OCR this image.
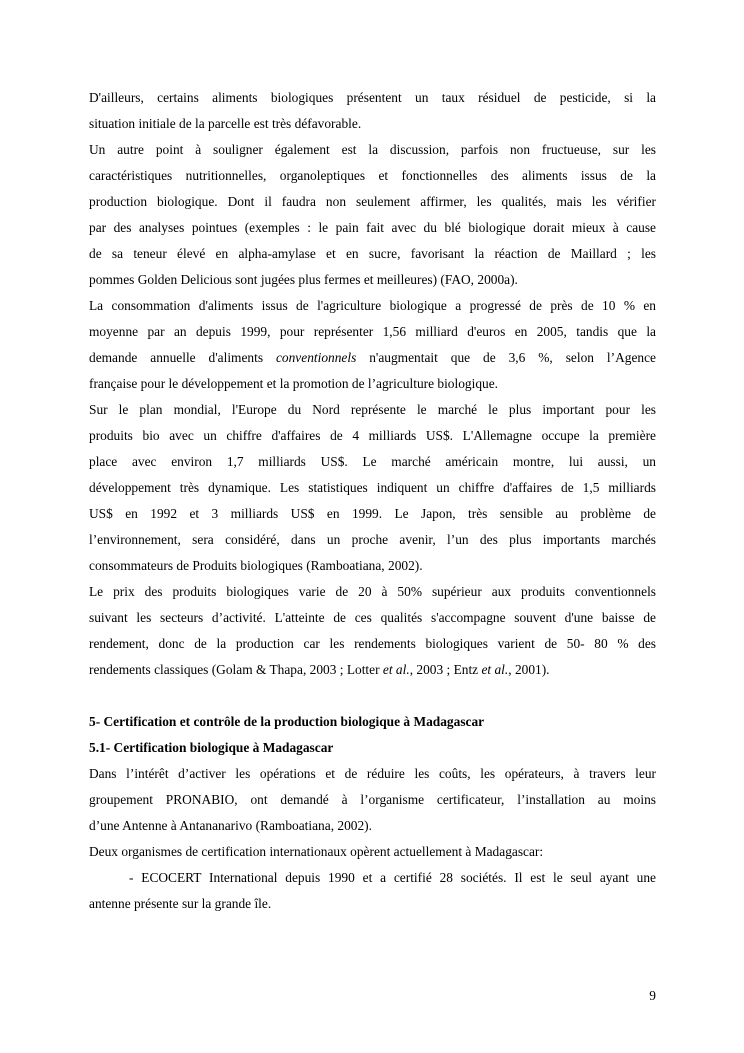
D'ailleurs, certains aliments biologiques présentent un taux résiduel de pesticide, si la
situation initiale de la parcelle est très défavorable.
Un autre point à souligner également est la discussion, parfois non fructueuse, sur les
caractéristiques nutritionnelles, organoleptiques et fonctionnelles des aliments issus de la
production biologique. Dont il faudra non seulement affirmer, les qualités, mais les vérifier
par des analyses pointues (exemples : le pain fait avec du blé biologique dorait mieux à cause
de sa teneur élevé en alpha-amylase et en sucre, favorisant la réaction de Maillard ; les
pommes Golden Delicious sont jugées plus fermes et meilleures) (FAO, 2000a).
La consommation d'aliments issus de l'agriculture biologique a progressé de près de 10 % en
moyenne par an depuis 1999, pour représenter 1,56 milliard d'euros en 2005, tandis que la
demande annuelle d'aliments conventionnels n'augmentait que de 3,6 %, selon l’Agence
française pour le développement et la promotion de l’agriculture biologique.
Sur le plan mondial, l'Europe du Nord représente le marché le plus important pour les
produits bio avec un chiffre d'affaires de 4 milliards US$. L'Allemagne occupe la première
place avec environ 1,7 milliards US$. Le marché américain montre, lui aussi, un
développement très dynamique. Les statistiques indiquent un chiffre d'affaires de 1,5 milliards
US$ en 1992 et 3 milliards US$ en 1999. Le Japon, très sensible au problème de
l’environnement, sera considéré, dans un proche avenir, l’un des plus importants marchés
consommateurs de Produits biologiques (Ramboatiana, 2002).
Le prix des produits biologiques varie de 20 à 50% supérieur aux produits conventionnels
suivant les secteurs d’activité. L'atteinte de ces qualités s'accompagne souvent d'une baisse de
rendement, donc de la production car les rendements biologiques varient de 50- 80 % des
rendements classiques (Golam & Thapa, 2003 ; Lotter et al., 2003 ; Entz et al., 2001).
5- Certification et contrôle de la production biologique à Madagascar
5.1- Certification biologique à Madagascar
Dans l’intérêt d’activer les opérations et de réduire les coûts, les opérateurs, à travers leur
groupement PRONABIO, ont demandé à l’organisme certificateur, l’installation au moins
d’une Antenne à Antananarivo (Ramboatiana, 2002).
Deux organismes de certification internationaux opèrent actuellement à Madagascar:
- ECOCERT International depuis 1990 et a certifié 28 sociétés. Il est le seul ayant une
antenne présente sur la grande île.
9
